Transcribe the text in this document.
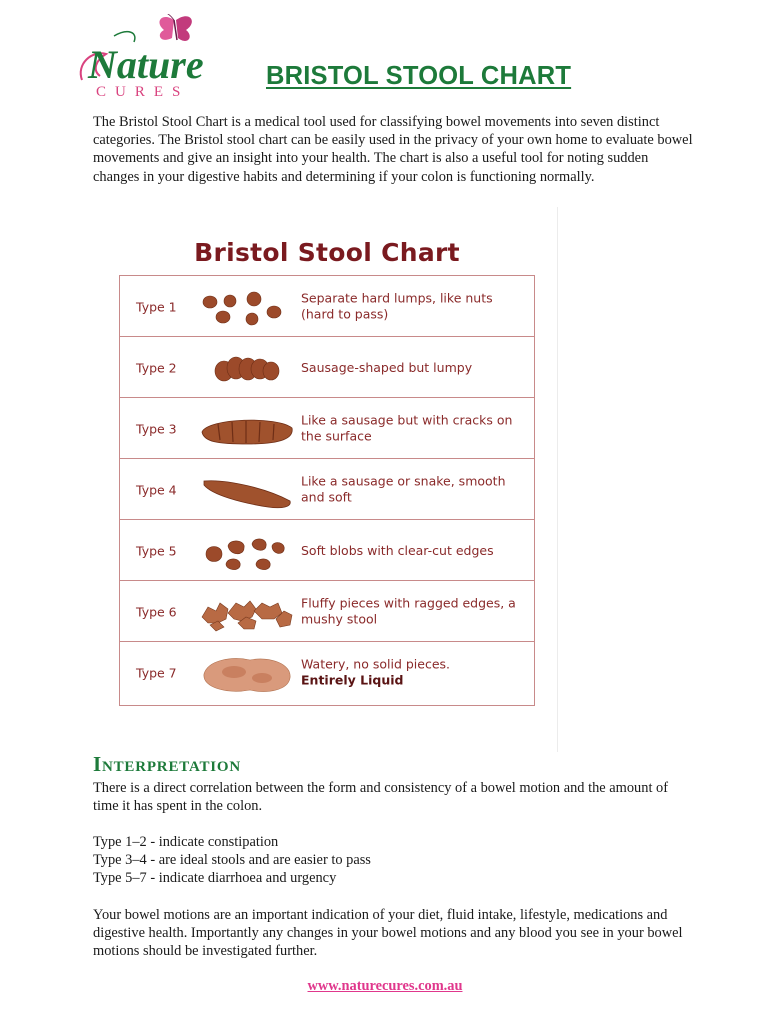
Nature
CURES
BRISTOL STOOL CHART

The Bristol Stool Chart is a medical tool used for classifying bowel movements into seven distinct categories. The Bristol stool chart can be easily used in the privacy of your own home to evaluate bowel movements and give an insight into your health. The chart is also a useful tool for noting sudden changes in your digestive habits and determining if your colon is functioning normally.

Bristol Stool Chart
Type 1
Separate hard lumps, like nuts (hard to pass)
Type 2	Sausage-shaped but lumpy
Type 3
Like a sausage but with cracks on the surface
Type 4
Like a sausage or snake, smooth and soft
Type 5	Soft blobs with clear-cut edges
Type 6
Fluffy pieces with ragged edges, a mushy stool
Type 7
Watery, no solid pieces.
Entirely Liquid
Interpretation

There is a direct correlation between the form and consistency of a bowel motion and the amount of time it has spent in the colon.

Type 1–2 - indicate constipation
Type 3–4 - are ideal stools and are easier to pass
Type 5–7 - indicate diarrhoea and urgency

Your bowel motions are an important indication of your diet, fluid intake, lifestyle, medications and digestive health. Importantly any changes in your bowel motions and any blood you see in your bowel motions should be investigated further.

www.naturecures.com.au
